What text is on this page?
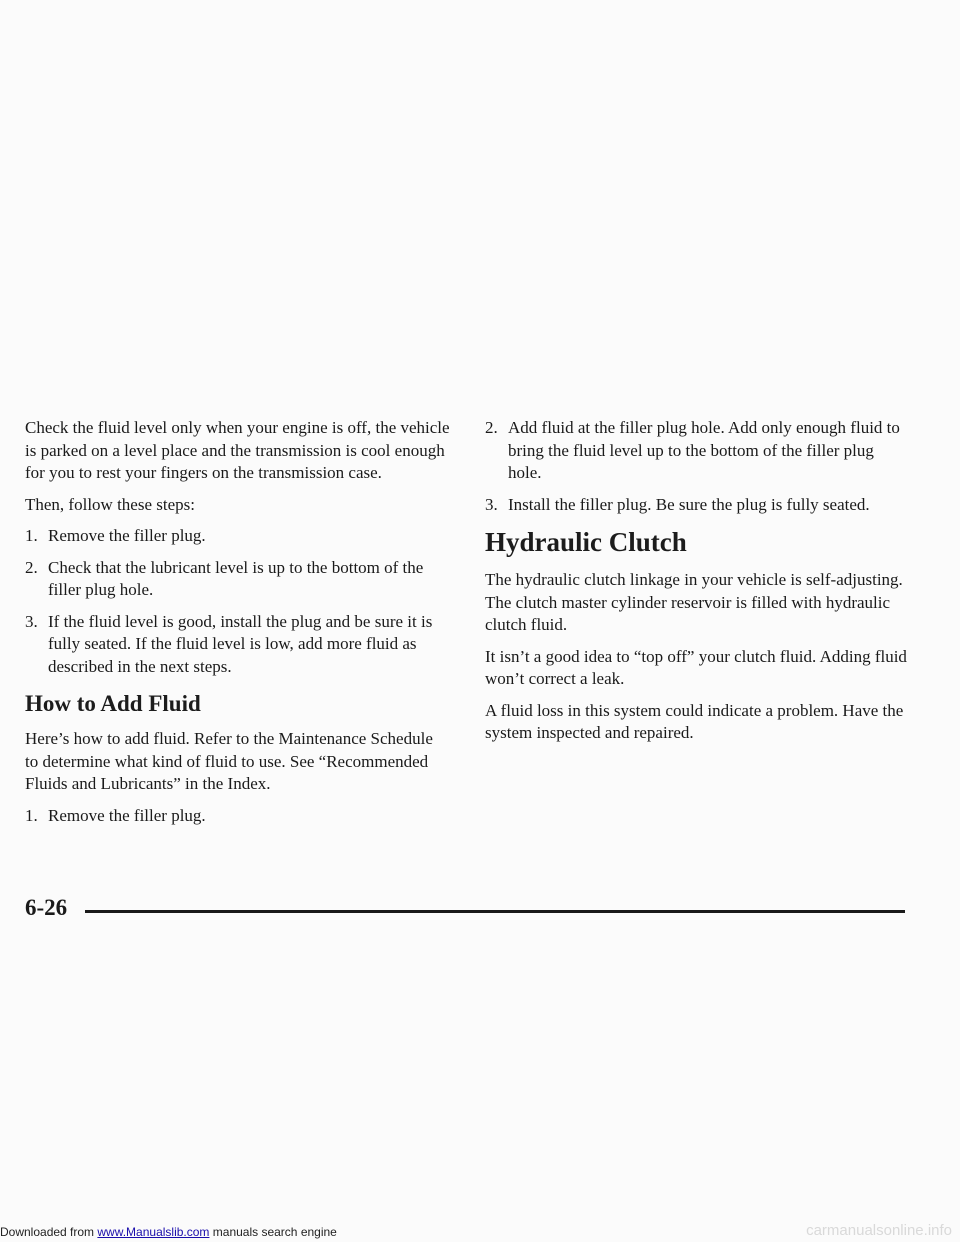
Check the fluid level only when your engine is off, the vehicle is parked on a level place and the transmission is cool enough for you to rest your fingers on the transmission case.

Then, follow these steps:

1. Remove the filler plug.
2. Check that the lubricant level is up to the bottom of the filler plug hole.
3. If the fluid level is good, install the plug and be sure it is fully seated. If the fluid level is low, add more fluid as described in the next steps.
How to Add Fluid

Here’s how to add fluid. Refer to the Maintenance Schedule to determine what kind of fluid to use. See “Recommended Fluids and Lubricants” in the Index.

1. Remove the filler plug.
2. Add fluid at the filler plug hole. Add only enough fluid to bring the fluid level up to the bottom of the filler plug hole.
3. Install the filler plug. Be sure the plug is fully seated.
Hydraulic Clutch

The hydraulic clutch linkage in your vehicle is self-adjusting. The clutch master cylinder reservoir is filled with hydraulic clutch fluid.

It isn’t a good idea to “top off” your clutch fluid. Adding fluid won’t correct a leak.

A fluid loss in this system could indicate a problem. Have the system inspected and repaired.

6-26
Downloaded from www.Manualslib.com manuals search engine	carmanualsonline.info
